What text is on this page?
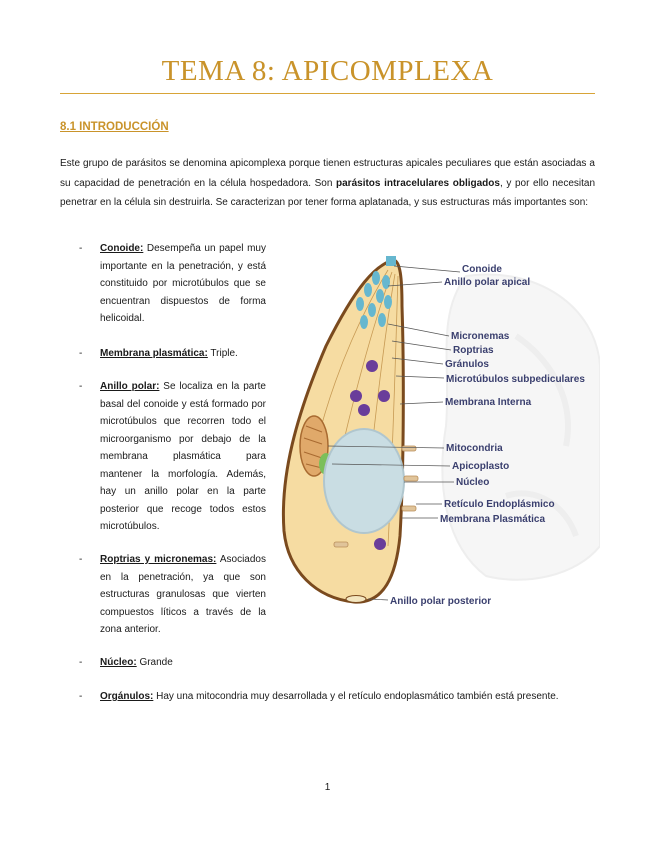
TEMA 8: APICOMPLEXA
8.1 INTRODUCCIÓN

Este grupo de parásitos se denomina apicomplexa porque tienen estructuras apicales peculiares que están asociadas a su capacidad de penetración en la célula hospedadora. Son parásitos intracelulares obligados, y por ello necesitan penetrar en la célula sin destruirla. Se caracterizan por tener forma aplatanada, y sus estructuras más importantes son:

- Conoide: Desempeña un papel muy importante en la penetración, y está constituido por microtúbulos que se encuentran dispuestos de forma helicoidal.
- Membrana plasmática: Triple.
- Anillo polar: Se localiza en la parte basal del conoide y está formado por microtúbulos que recorren todo el microorganismo por debajo de la membrana plasmática para mantener la morfología. Además, hay un anillo polar en la parte posterior que recoge todos estos microtúbulos.
- Roptrias y micronemas: Asociados en la penetración, ya que son estructuras granulosas que vierten compuestos líticos a través de la zona anterior.
- Núcleo: Grande
- Orgánulos: Hay una mitocondria muy desarrollada y el retículo endoplasmático también está presente.
Conoide
Anillo polar apical
Micronemas
Roptrias
Gránulos
Microtúbulos subpediculares
Membrana Interna
Mitocondria
Apicoplasto
Núcleo
Retículo Endoplásmico
Membrana Plasmática
Anillo polar posterior
1
